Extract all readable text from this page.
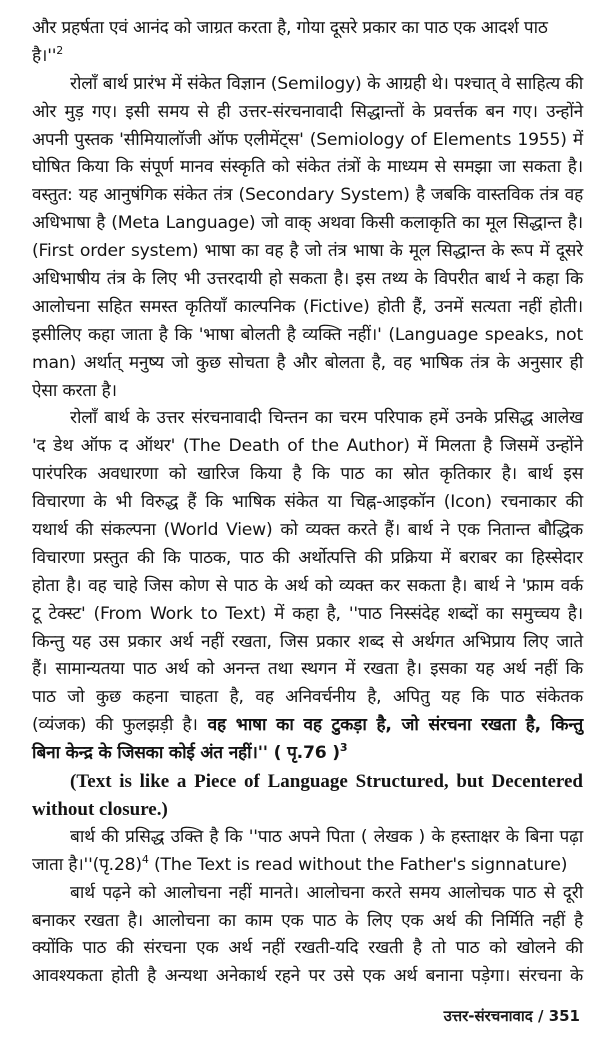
और प्रहर्षता एवं आनंद को जाग्रत करता है, गोया दूसरे प्रकार का पाठ एक आदर्श पाठ
$है।''^2$
रोलाँ बार्थ प्रारंभ में संकेत विज्ञान (Semilogy) के आग्रही थे। पश्चात् वे साहित्य की
ओर मुड़ गए। इसी समय से ही उत्तर-संरचनावादी सिद्धान्तों के प्रवर्त्तक बन गए। उन्होंने
अपनी पुस्तक 'सीमियालॉजी ऑफ एलीमेंट्स' (Semiology of Elements 1955) में
घोषित किया कि संपूर्ण मानव संस्कृति को संकेत तंत्रों के माध्यम से समझा जा सकता है।
वस्तुत: यह आनुषंगिक संकेत तंत्र (Secondary System) है जबकि वास्तविक तंत्र वह
अधिभाषा है (Meta Language) जो वाक् अथवा किसी कलाकृति का मूल सिद्धान्त है।
(First order system) भाषा का वह है जो तंत्र भाषा के मूल सिद्धान्त के रूप में दूसरे
अधिभाषीय तंत्र के लिए भी उत्तरदायी हो सकता है। इस तथ्य के विपरीत बार्थ ने कहा कि
आलोचना सहित समस्त कृतियाँ काल्पनिक (Fictive) होती हैं, उनमें सत्यता नहीं होती।
इसीलिए कहा जाता है कि 'भाषा बोलती है व्यक्ति नहीं।' (Language speaks, not
man) अर्थात् मनुष्य जो कुछ सोचता है और बोलता है, वह भाषिक तंत्र के अनुसार ही
ऐसा करता है।
रोलाँ बार्थ के उत्तर संरचनावादी चिन्तन का चरम परिपाक हमें उनके प्रसिद्ध आलेख
'द डेथ ऑफ द ऑथर' (The Death of the Author) में मिलता है जिसमें उन्होंने
पारंपरिक अवधारणा को खारिज किया है कि पाठ का स्रोत कृतिकार है। बार्थ इस
विचारणा के भी विरुद्ध हैं कि भाषिक संकेत या चिह्न-आइकॉन (Icon) रचनाकार की
यथार्थ की संकल्पना (World View) को व्यक्त करते हैं। बार्थ ने एक नितान्त बौद्धिक
विचारणा प्रस्तुत की कि पाठक, पाठ की अर्थोत्पत्ति की प्रक्रिया में बराबर का हिस्सेदार
होता है। वह चाहे जिस कोण से पाठ के अर्थ को व्यक्त कर सकता है। बार्थ ने 'फ्राम वर्क
टू टेक्स्ट' (From Work to Text) में कहा है, ''पाठ निस्संदेह शब्दों का समुच्चय है।
किन्तु यह उस प्रकार अर्थ नहीं रखता, जिस प्रकार शब्द से अर्थगत अभिप्राय लिए जाते
हैं। सामान्यतया पाठ अर्थ को अनन्त तथा स्थगन में रखता है। इसका यह अर्थ नहीं कि
पाठ जो कुछ कहना चाहता है, वह अनिवर्चनीय है, अपितु यह कि पाठ संकेतक
(व्यंजक) की फुलझड़ी है। वह भाषा का वह टुकड़ा है, जो संरचना रखता है, किन्तु
बिना केन्द्र के जिसका कोई अंत नहीं।'' ( पृ.76 )$^3$
(Text is like a Piece of Language Structured, but Decentered
without closure.)
बार्थ की प्रसिद्ध उक्ति है कि ''पाठ अपने पिता ( लेखक ) के हस्ताक्षर के बिना पढ़ा
जाता है।''(पृ.28)$^4$ (The Text is read without the Father's signnature)
बार्थ पढ़ने को आलोचना नहीं मानते। आलोचना करते समय आलोचक पाठ से दूरी
बनाकर रखता है। आलोचना का काम एक पाठ के लिए एक अर्थ की निर्मिति नहीं है
क्योंकि पाठ की संरचना एक अर्थ नहीं रखती-यदि रखती है तो पाठ को खोलने की
आवश्यकता होती है अन्यथा अनेकार्थ रहने पर उसे एक अर्थ बनाना पड़ेगा। संरचना के
उत्तर-संरचनावाद / 351
